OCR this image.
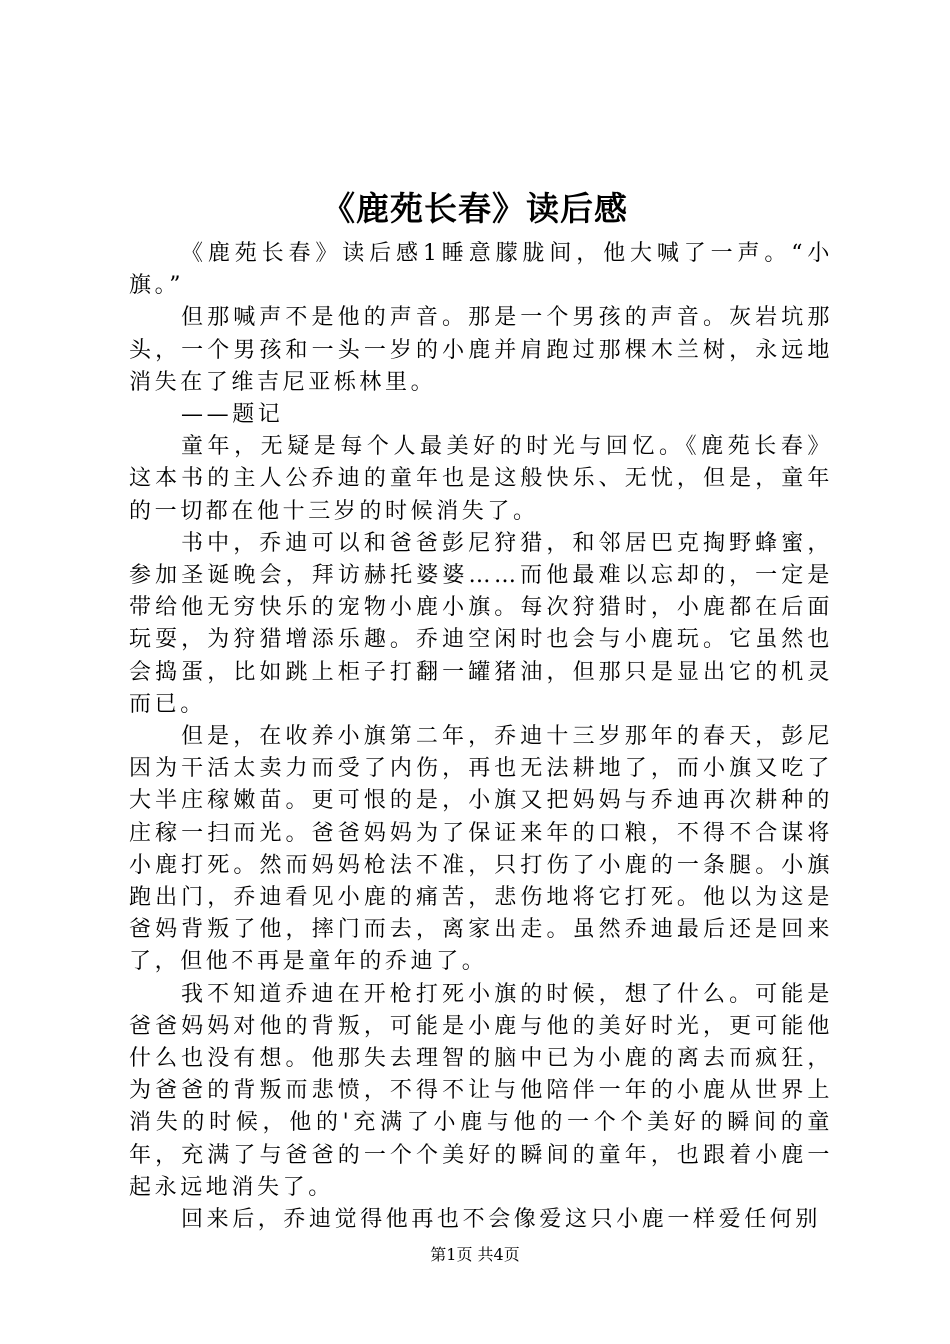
《鹿苑长春》读后感

《鹿苑长春》读后感1睡意朦胧间，他大喊了一声。“小旗。”

但那喊声不是他的声音。那是一个男孩的声音。灰岩坑那头，一个男孩和一头一岁的小鹿并肩跑过那棵木兰树，永远地消失在了维吉尼亚栎林里。

——题记

童年，无疑是每个人最美好的时光与回忆。《鹿苑长春》这本书的主人公乔迪的童年也是这般快乐、无忧，但是，童年的一切都在他十三岁的时候消失了。

书中，乔迪可以和爸爸彭尼狩猎，和邻居巴克掏野蜂蜜，参加圣诞晚会，拜访赫托婆婆……而他最难以忘却的，一定是带给他无穷快乐的宠物小鹿小旗。每次狩猎时，小鹿都在后面玩耍，为狩猎增添乐趣。乔迪空闲时也会与小鹿玩。它虽然也会捣蛋，比如跳上柜子打翻一罐猪油，但那只是显出它的机灵而已。

但是，在收养小旗第二年，乔迪十三岁那年的春天，彭尼因为干活太卖力而受了内伤，再也无法耕地了，而小旗又吃了大半庄稼嫩苗。更可恨的是，小旗又把妈妈与乔迪再次耕种的庄稼一扫而光。爸爸妈妈为了保证来年的口粮，不得不合谋将小鹿打死。然而妈妈枪法不准，只打伤了小鹿的一条腿。小旗跑出门，乔迪看见小鹿的痛苦，悲伤地将它打死。他以为这是爸妈背叛了他，摔门而去，离家出走。虽然乔迪最后还是回来了，但他不再是童年的乔迪了。

我不知道乔迪在开枪打死小旗的时候，想了什么。可能是爸爸妈妈对他的背叛，可能是小鹿与他的美好时光，更可能他什么也没有想。他那失去理智的脑中已为小鹿的离去而疯狂，为爸爸的背叛而悲愤，不得不让与他陪伴一年的小鹿从世界上消失的时候，他的'充满了小鹿与他的一个个美好的瞬间的童年，充满了与爸爸的一个个美好的瞬间的童年，也跟着小鹿一起永远地消失了。

回来后，乔迪觉得他再也不会像爱这只小鹿一样爱任何别

第1页 共4页
